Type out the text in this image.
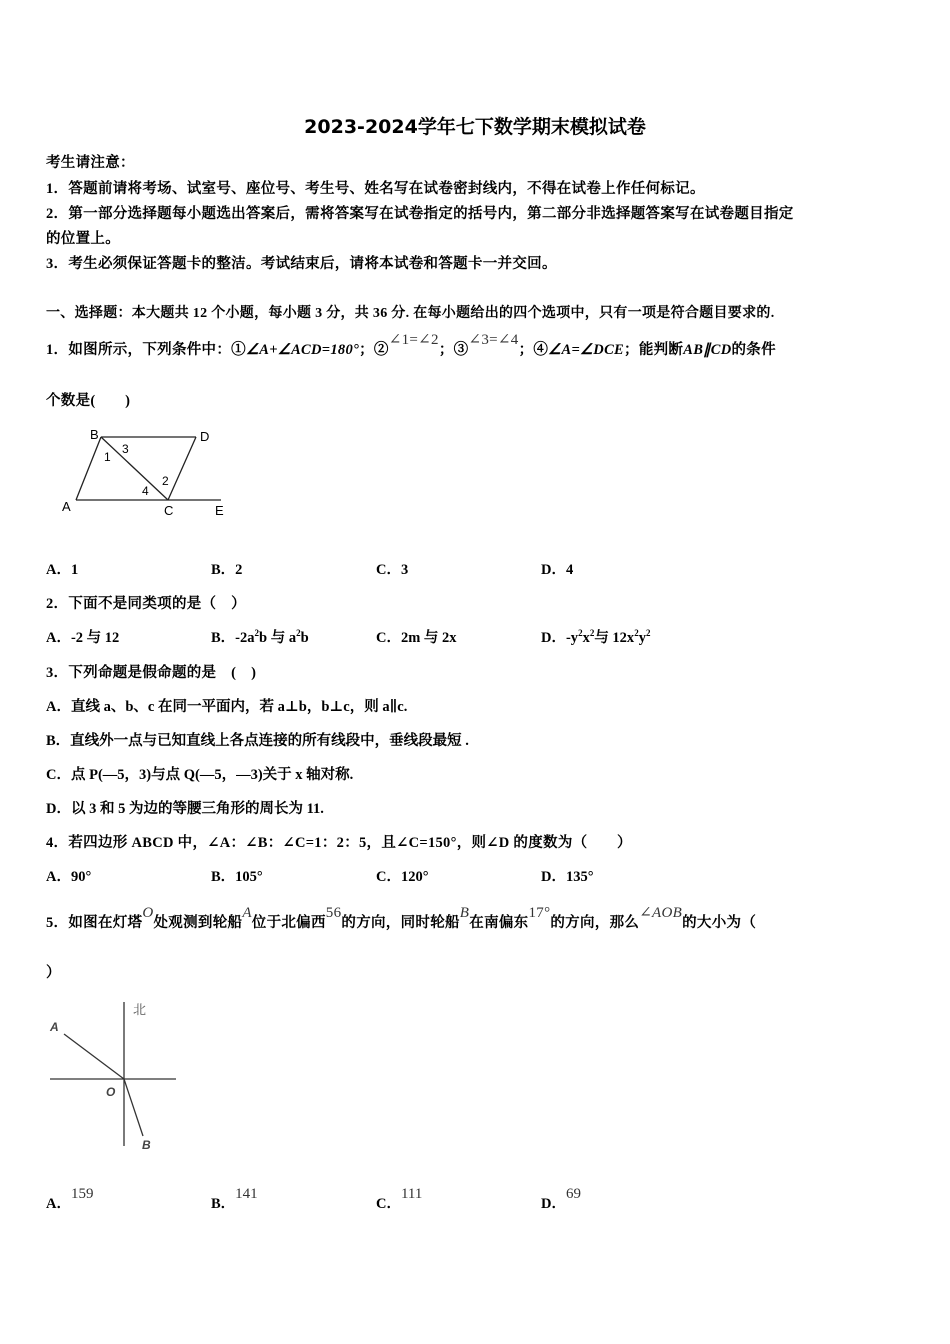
2023-2024学年七下数学期末模拟试卷
考生请注意：
1．答题前请将考场、试室号、座位号、考生号、姓名写在试卷密封线内，不得在试卷上作任何标记。
2．第一部分选择题每小题选出答案后，需将答案写在试卷指定的括号内，第二部分非选择题答案写在试卷题目指定
的位置上。
3．考生必须保证答题卡的整洁。考试结束后，请将本试卷和答题卡一并交回。
一、选择题：本大题共 12 个小题，每小题 3 分，共 36 分. 在每小题给出的四个选项中，只有一项是符合题目要求的.
1．如图所示，下列条件中：①∠A+∠ACD=180°；②∠1=∠2；③∠3=∠4；④∠A=∠DCE；能判断AB∥CD的条件
个数是(　　)
B	D
A	C	E
1
3
4
2
A．1	B．2	C．3	D．4
2．下面不是同类项的是（　）
A．-2 与 12	B．$-2a^2b$ 与 $a^2b$	C．2m 与 2x	D．$-y^2x^2$与 $12x^2y^2$
3．下列命题是假命题的是　(　)
A．直线 a、b、c 在同一平面内，若 a⊥b，b⊥c，则 a∥c.
B．直线外一点与已知直线上各点连接的所有线段中，垂线段最短 .
C．点 P(—5，3)与点 Q(—5，—3)关于 x 轴对称.
D．以 3 和 5 为边的等腰三角形的周长为 11.
4．若四边形 ABCD 中，∠A：∠B：∠C=1：2：5，且∠C=150°，则∠D 的度数为（　　）
A．90°	B．105°	C．120°	D．135°
5．如图在灯塔O处观测到轮船A位于北偏西56的方向，同时轮船B在南偏东17°的方向，那么∠AOB的大小为（
）
北
A
O
B
A．159
B．141
C．111
D．69
